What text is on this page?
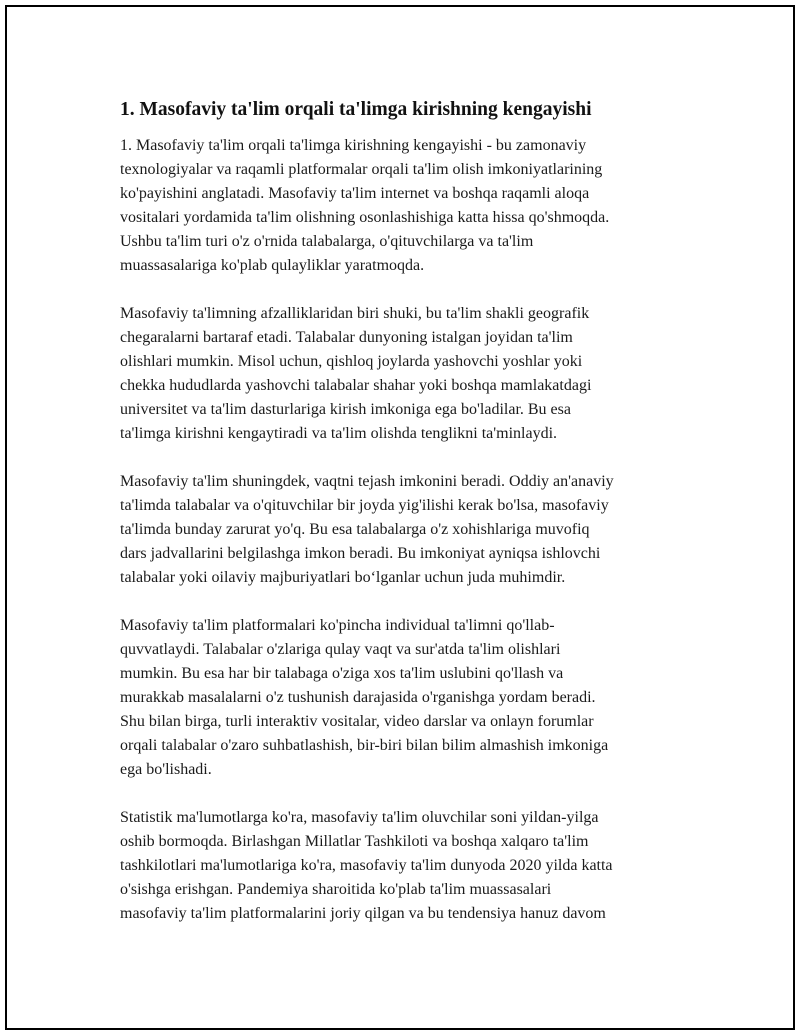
1. Masofaviy ta'lim orqali ta'limga kirishning kengayishi

1. Masofaviy ta'lim orqali ta'limga kirishning kengayishi - bu zamonaviy
texnologiyalar va raqamli platformalar orqali ta'lim olish imkoniyatlarining
ko'payishini anglatadi. Masofaviy ta'lim internet va boshqa raqamli aloqa
vositalari yordamida ta'lim olishning osonlashishiga katta hissa qo'shmoqda.
Ushbu ta'lim turi o'z o'rnida talabalarga, o'qituvchilarga va ta'lim
muassasalariga ko'plab qulayliklar yaratmoqda.

Masofaviy ta'limning afzalliklaridan biri shuki, bu ta'lim shakli geografik
chegaralarni bartaraf etadi. Talabalar dunyoning istalgan joyidan ta'lim
olishlari mumkin. Misol uchun, qishloq joylarda yashovchi yoshlar yoki
chekka hududlarda yashovchi talabalar shahar yoki boshqa mamlakatdagi
universitet va ta'lim dasturlariga kirish imkoniga ega bo'ladilar. Bu esa
ta'limga kirishni kengaytiradi va ta'lim olishda tenglikni ta'minlaydi.

Masofaviy ta'lim shuningdek, vaqtni tejash imkonini beradi. Oddiy an'anaviy
ta'limda talabalar va o'qituvchilar bir joyda yig'ilishi kerak bo'lsa, masofaviy
ta'limda bunday zarurat yo'q. Bu esa talabalarga o'z xohishlariga muvofiq
dars jadvallarini belgilashga imkon beradi. Bu imkoniyat ayniqsa ishlovchi
talabalar yoki oilaviy majburiyatlari bo‘lganlar uchun juda muhimdir.

Masofaviy ta'lim platformalari ko'pincha individual ta'limni qo'llab-
quvvatlaydi. Talabalar o'zlariga qulay vaqt va sur'atda ta'lim olishlari
mumkin. Bu esa har bir talabaga o'ziga xos ta'lim uslubini qo'llash va
murakkab masalalarni o'z tushunish darajasida o'rganishga yordam beradi.
Shu bilan birga, turli interaktiv vositalar, video darslar va onlayn forumlar
orqali talabalar o'zaro suhbatlashish, bir-biri bilan bilim almashish imkoniga
ega bo'lishadi.

Statistik ma'lumotlarga ko'ra, masofaviy ta'lim oluvchilar soni yildan-yilga
oshib bormoqda. Birlashgan Millatlar Tashkiloti va boshqa xalqaro ta'lim
tashkilotlari ma'lumotlariga ko'ra, masofaviy ta'lim dunyoda 2020 yilda katta
o'sishga erishgan. Pandemiya sharoitida ko'plab ta'lim muassasalari
masofaviy ta'lim platformalarini joriy qilgan va bu tendensiya hanuz davom
